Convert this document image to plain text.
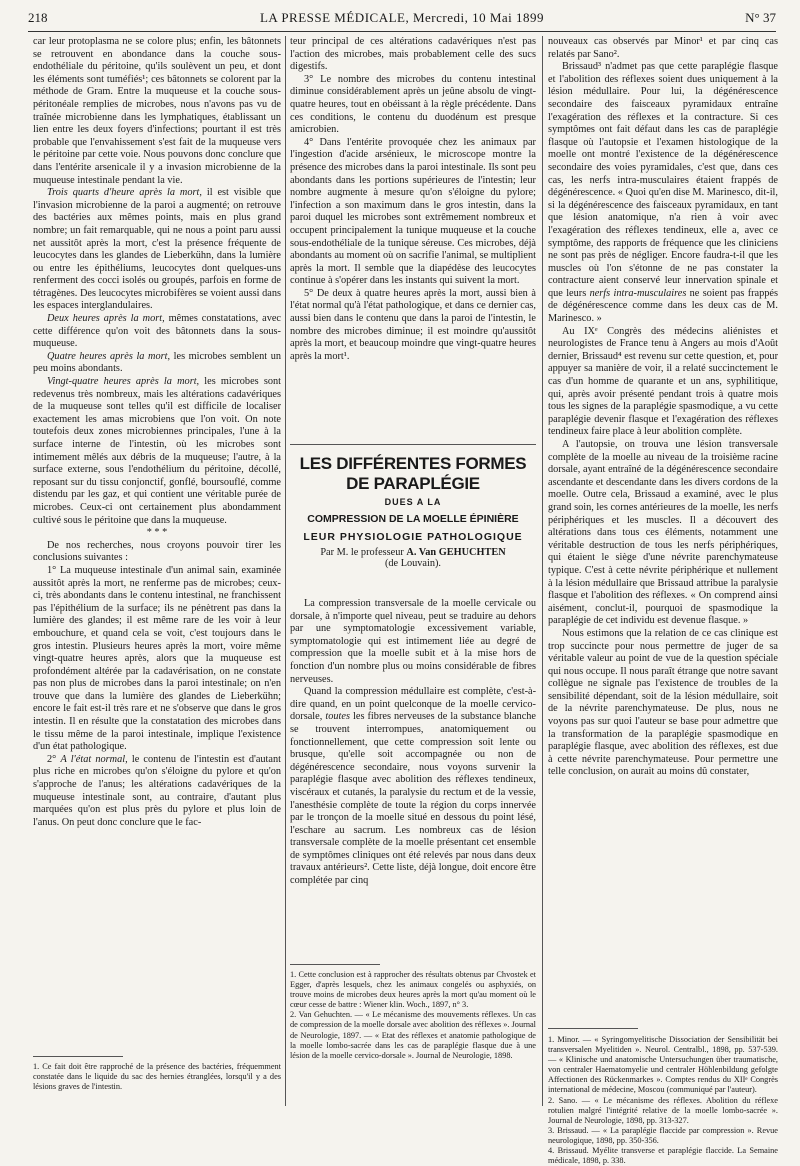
218	LA PRESSE MÉDICALE, Mercredi, 10 Mai 1899	N° 37

car leur protoplasma ne se colore plus; enfin, les bâtonnets se retrouvent en abondance dans la couche sous-endothéliale du péritoine, qu'ils soulèvent un peu, et dont les éléments sont tuméfiés¹; ces bâtonnets se colorent par la méthode de Gram. Entre la muqueuse et la couche sous-péritonéale remplies de microbes, nous n'avons pas vu de traînée microbienne dans les lymphatiques, établissant un lien entre les deux foyers d'infections; pourtant il est très probable que l'envahissement s'est fait de la muqueuse vers le péritoine par cette voie. Nous pouvons donc conclure que dans l'entérite arsenicale il y a invasion microbienne de la muqueuse intestinale pendant la vie.

Trois quarts d'heure après la mort, il est visible que l'invasion microbienne de la paroi a augmenté; on retrouve des bactéries aux mêmes points, mais en plus grand nombre; un fait remarquable, qui ne nous a point paru aussi net aussitôt après la mort, c'est la présence fréquente de leucocytes dans les glandes de Lieberkühn, dans la lumière ou entre les épithéliums, leucocytes dont quelques-uns renferment des cocci isolés ou groupés, parfois en forme de tétragènes. Des leucocytes microbifères se voient aussi dans les espaces interglandulaires.

Deux heures après la mort, mêmes constatations, avec cette différence qu'on voit des bâtonnets dans la sous-muqueuse.

Quatre heures après la mort, les microbes semblent un peu moins abondants.

Vingt-quatre heures après la mort, les microbes sont redevenus très nombreux, mais les altérations cadavériques de la muqueuse sont telles qu'il est difficile de localiser exactement les amas microbiens que l'on voit. On note toutefois deux zones microbiennes principales, l'une à la surface interne de l'intestin, où les microbes sont intimement mêlés aux débris de la muqueuse; l'autre, à la surface externe, sous l'endothélium du péritoine, décollé, reposant sur du tissu conjonctif, gonflé, boursouflé, comme distendu par les gaz, et qui contient une véritable purée de microbes. Ceux-ci ont certainement plus abondamment cultivé sous le péritoine que dans la muqueuse.

* * *

De nos recherches, nous croyons pouvoir tirer les conclusions suivantes :

1° La muqueuse intestinale d'un animal sain, examinée aussitôt après la mort, ne renferme pas de microbes; ceux-ci, très abondants dans le contenu intestinal, ne franchissent pas l'épithélium de la surface; ils ne pénètrent pas dans la lumière des glandes; il est même rare de les voir à leur embouchure, et quand cela se voit, c'est toujours dans le gros intestin. Plusieurs heures après la mort, voire même vingt-quatre heures après, alors que la muqueuse est profondément altérée par la cadavérisation, on ne constate pas non plus de microbes dans la paroi intestinale; on n'en trouve que dans la lumière des glandes de Lieberkühn; encore le fait est-il très rare et ne s'observe que dans le gros intestin. Il en résulte que la constatation des microbes dans le tissu même de la paroi intestinale, implique l'existence d'un état pathologique.

2° A l'état normal, le contenu de l'intestin est d'autant plus riche en microbes qu'on s'éloigne du pylore et qu'on s'approche de l'anus; les altérations cadavériques de la muqueuse intestinale sont, au contraire, d'autant plus marquées qu'on est plus près du pylore et plus loin de l'anus. On peut donc conclure que le fac-

teur principal de ces altérations cadavériques n'est pas l'action des microbes, mais probablement celle des sucs digestifs.

3° Le nombre des microbes du contenu intestinal diminue considérablement après un jeûne absolu de vingt-quatre heures, tout en obéissant à la règle précédente. Dans ces conditions, le contenu du duodénum est presque amicrobien.

4° Dans l'entérite provoquée chez les animaux par l'ingestion d'acide arsénieux, le microscope montre la présence des microbes dans la paroi intestinale. Ils sont peu abondants dans les portions supérieures de l'intestin; leur nombre augmente à mesure qu'on s'éloigne du pylore; l'infection a son maximum dans le gros intestin, dans la paroi duquel les microbes sont extrêmement nombreux et occupent principalement la tunique muqueuse et la couche sous-endothéliale de la tunique séreuse. Ces microbes, déjà abondants au moment où on sacrifie l'animal, se multiplient après la mort. Il semble que la diapédèse des leucocytes continue à s'opérer dans les instants qui suivent la mort.

5° De deux à quatre heures après la mort, aussi bien à l'état normal qu'à l'état pathologique, et dans ce dernier cas, aussi bien dans le contenu que dans la paroi de l'intestin, le nombre des microbes diminue; il est moindre qu'aussitôt après la mort, et beaucoup moindre que vingt-quatre heures après la mort¹.

LES DIFFÉRENTES FORMES DE PARAPLÉGIE
DUES A LA
COMPRESSION DE LA MOELLE ÉPINIÈRE
LEUR PHYSIOLOGIE PATHOLOGIQUE
Par M. le professeur A. Van GEHUCHTEN
(de Louvain).

La compression transversale de la moelle cervicale ou dorsale, à n'importe quel niveau, peut se traduire au dehors par une symptomatologie excessivement variable, symptomatologie qui est intimement liée au degré de compression que la moelle subit et à la mise hors de fonction d'un nombre plus ou moins considérable de fibres nerveuses.

Quand la compression médullaire est complète, c'est-à-dire quand, en un point quelconque de la moelle cervico-dorsale, toutes les fibres nerveuses de la substance blanche se trouvent interrompues, anatomiquement ou fonctionnellement, que cette compression soit lente ou brusque, qu'elle soit accompagnée ou non de dégénérescence secondaire, nous voyons survenir la paraplégie flasque avec abolition des réflexes tendineux, viscéraux et cutanés, la paralysie du rectum et de la vessie, l'anesthésie complète de toute la région du corps innervée par le tronçon de la moelle situé en dessous du point lésé, l'eschare au sacrum. Les nombreux cas de lésion transversale complète de la moelle présentant cet ensemble de symptômes cliniques ont été relevés par nous dans deux travaux antérieurs². Cette liste, déjà longue, doit encore être complétée par cinq

nouveaux cas observés par Minor¹ et par cinq cas relatés par Sano².

Brissaud³ n'admet pas que cette paraplégie flasque et l'abolition des réflexes soient dues uniquement à la lésion médullaire. Pour lui, la dégénérescence secondaire des faisceaux pyramidaux entraîne l'exagération des réflexes et la contracture. Si ces symptômes ont fait défaut dans les cas de paraplégie flasque où l'autopsie et l'examen histologique de la moelle ont montré l'existence de la dégénérescence secondaire des voies pyramidales, c'est que, dans ces cas, les nerfs intra-musculaires étaient frappés de dégénérescence. « Quoi qu'en dise M. Marinesco, dit-il, si la dégénérescence des faisceaux pyramidaux, en tant que lésion anatomique, n'a rien à voir avec l'exagération des réflexes tendineux, elle a, avec ce symptôme, des rapports de fréquence que les cliniciens ne sont pas près de négliger. Encore faudra-t-il que les muscles où l'on s'étonne de ne pas constater la contracture aient conservé leur innervation spinale et que leurs nerfs intra-musculaires ne soient pas frappés de dégénérescence comme dans les deux cas de M. Marinesco. »

Au IXᵉ Congrès des médecins aliénistes et neurologistes de France tenu à Angers au mois d'Août dernier, Brissaud⁴ est revenu sur cette question, et, pour appuyer sa manière de voir, il a relaté succinctement le cas d'un homme de quarante et un ans, syphilitique, qui, après avoir présenté pendant trois à quatre mois tous les signes de la paraplégie spasmodique, a vu cette paraplégie devenir flasque et l'exagération des réflexes tendineux faire place à leur abolition complète.

A l'autopsie, on trouva une lésion transversale complète de la moelle au niveau de la troisième racine dorsale, ayant entraîné de la dégénérescence secondaire ascendante et descendante dans les divers cordons de la moelle. Outre cela, Brissaud a examiné, avec le plus grand soin, les cornes antérieures de la moelle, les nerfs périphériques et les muscles. Il a découvert des altérations dans tous ces éléments, notamment une véritable destruction de tous les nerfs périphériques, qui étaient le siège d'une névrite parenchymateuse typique. C'est à cette névrite périphérique et nullement à la lésion médullaire que Brissaud attribue la paralysie flasque et l'abolition des réflexes. « On comprend ainsi aisément, conclut-il, pourquoi de spasmodique la paraplégie de cet individu est devenue flasque. »

Nous estimons que la relation de ce cas clinique est trop succincte pour nous permettre de juger de sa véritable valeur au point de vue de la question spéciale qui nous occupe. Il nous paraît étrange que notre savant collègue ne signale pas l'existence de troubles de la sensibilité dépendant, soit de la lésion médullaire, soit de la névrite parenchymateuse. De plus, nous ne voyons pas sur quoi l'auteur se base pour admettre que la transformation de la paraplégie spasmodique en paraplégie flasque, avec abolition des réflexes, est due à cette névrite parenchymateuse. Pour permettre une telle conclusion, on aurait au moins dû constater,

1. Ce fait doit être rapproché de la présence des bactéries, fréquemment constatée dans le liquide du sac des hernies étranglées, lorsqu'il y a des lésions graves de l'intestin.

1. Cette conclusion est à rapprocher des résultats obtenus par Chvostek et Egger, d'après lesquels, chez les animaux congelés ou asphyxiés, on trouve moins de microbes deux heures après la mort qu'au moment où le cœur cesse de battre : Wiener klin. Woch., 1897, n° 3.

2. Van Gehuchten. — « Le mécanisme des mouvements réflexes. Un cas de compression de la moelle dorsale avec abolition des réflexes ». Journal de Neurologie, 1897. — « Etat des réflexes et anatomie pathologique de la moelle lombo-sacrée dans les cas de paraplégie flasque due à une lésion de la moelle cervico-dorsale ». Journal de Neurologie, 1898.

1. Minor. — « Syringomyelitische Dissociation der Sensibilität bei transversalen Myelitiden ». Neurol. Centralbl., 1898, pp. 537-539. — « Klinische und anatomische Untersuchungen über traumatische, von centraler Haematomyelie und centraler Höhlenbildung gefolgte Affectionen des Rückenmarkes ». Comptes rendus du XIIᵉ Congrès international de médecine, Moscou (communiqué par l'auteur).

2. Sano. — « Le mécanisme des réflexes. Abolition du réflexe rotulien malgré l'intégrité relative de la moelle lombo-sacrée ». Journal de Neurologie, 1898, pp. 313-327.

3. Brissaud. — « La paraplégie flaccide par compression ». Revue neurologique, 1898, pp. 350-356.

4. Brissaud. Myélite transverse et paraplégie flaccide. La Semaine médicale, 1898, p. 338.
